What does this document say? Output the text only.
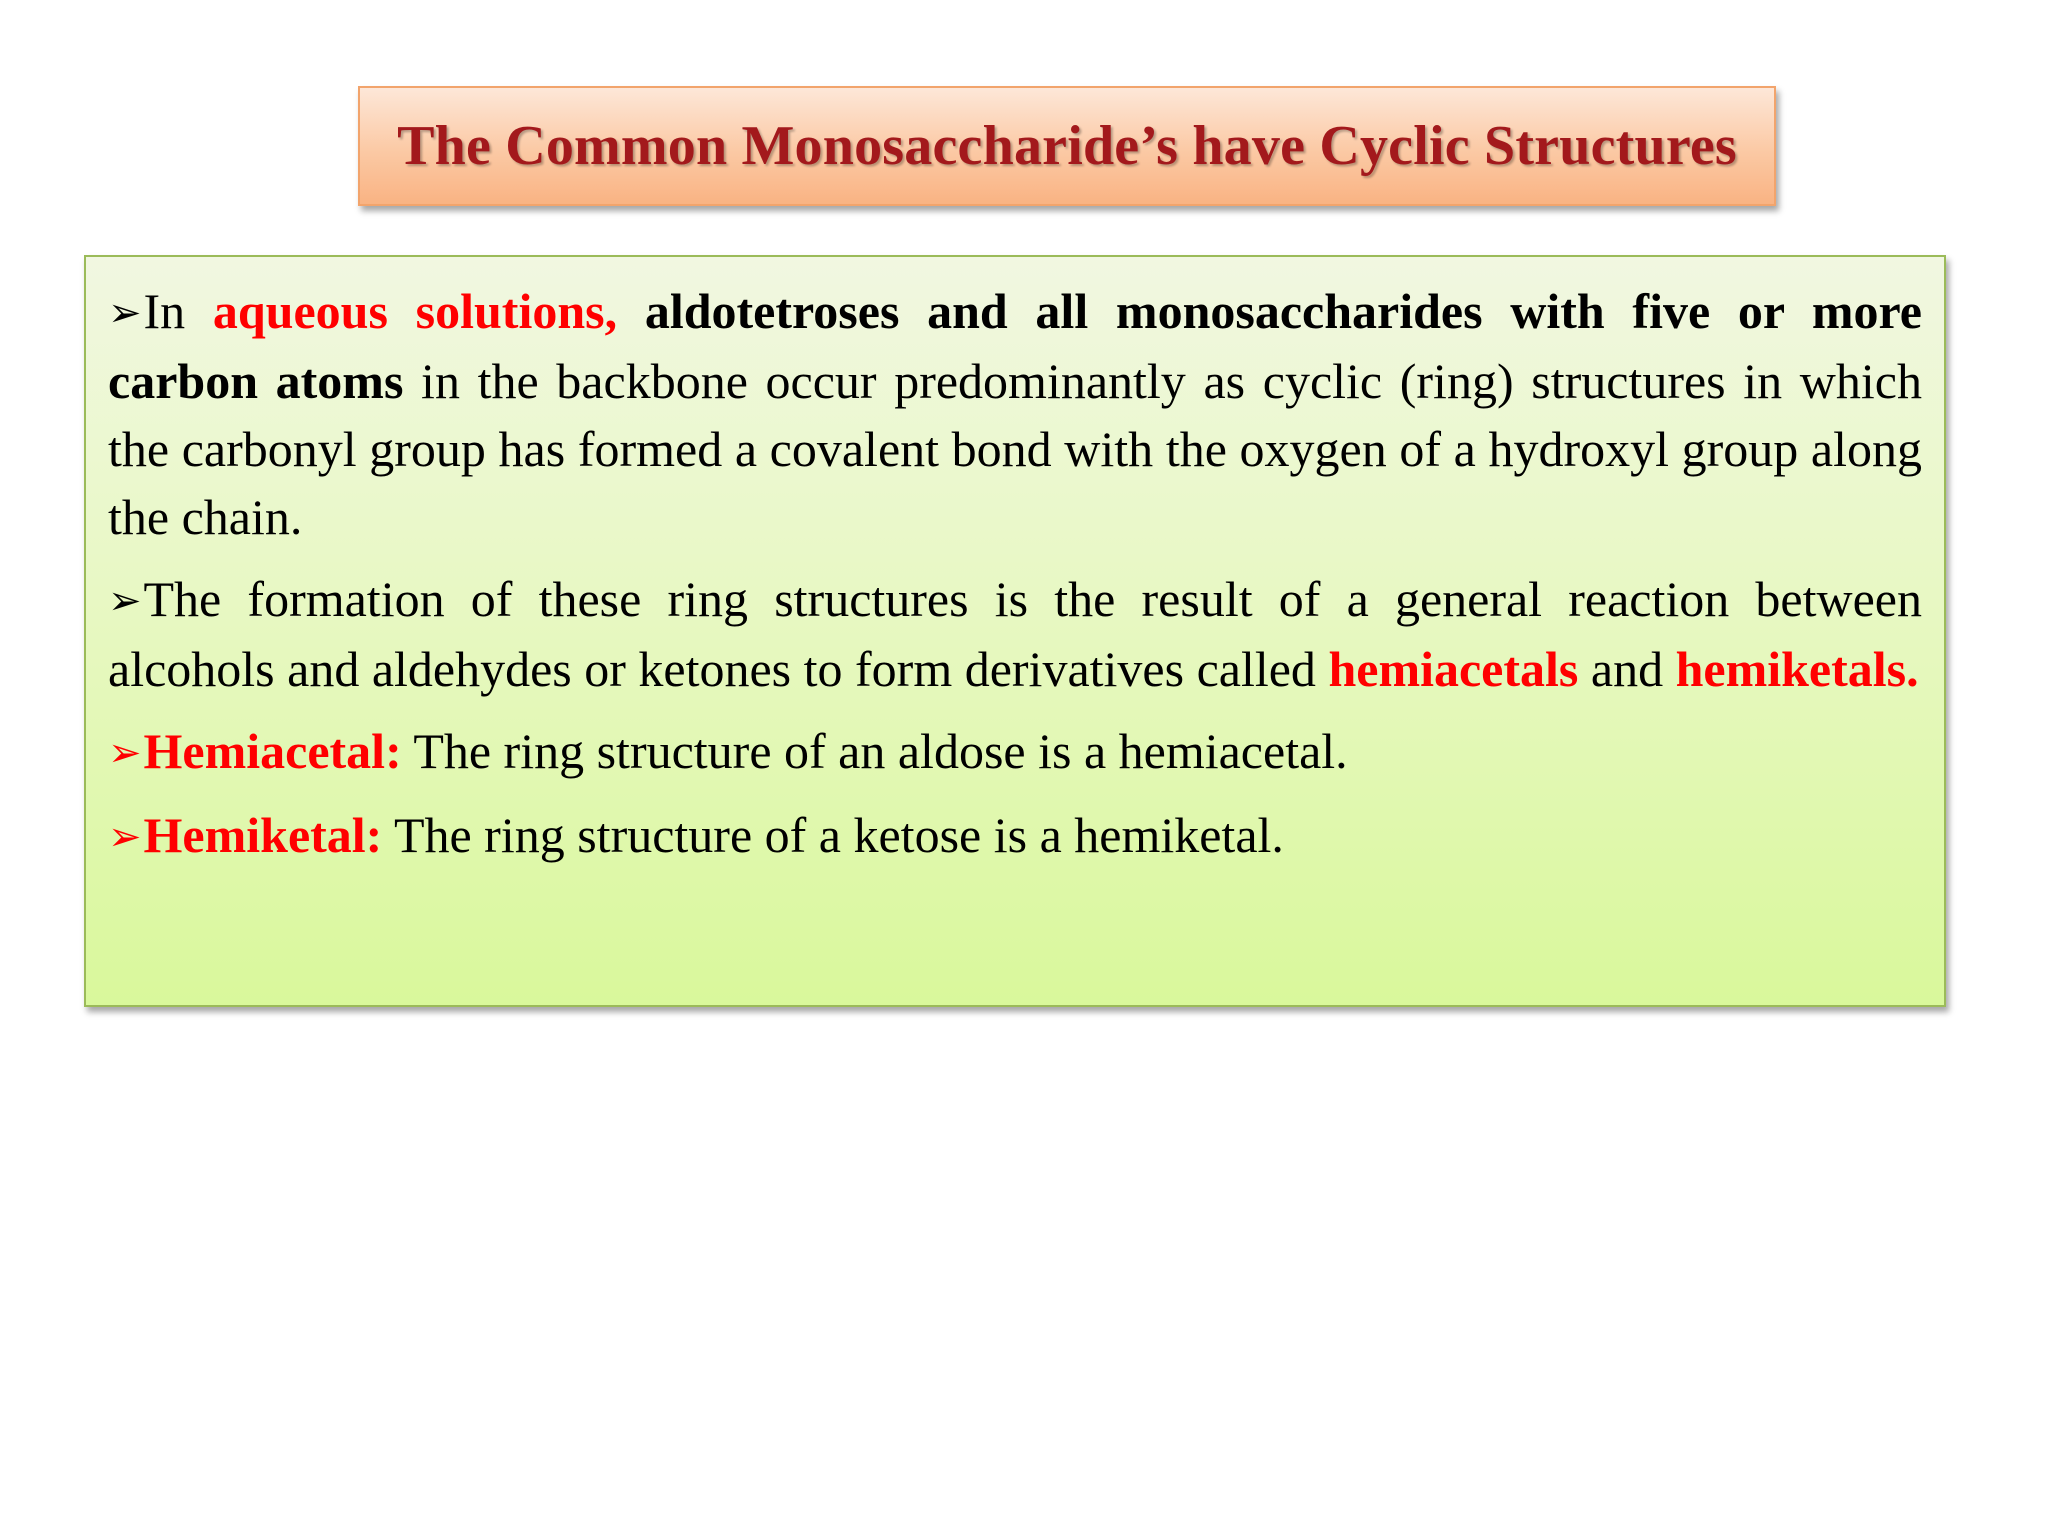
The Common Monosaccharide’s have Cyclic Structures

➢In aqueous solutions, aldotetroses and all monosaccharides with five or more carbon atoms in the backbone occur predominantly as cyclic (ring) structures in which the carbonyl group has formed a covalent bond with the oxygen of a hydroxyl group along the chain.

➢The formation of these ring structures is the result of a general reaction between alcohols and aldehydes or ketones to form derivatives called hemiacetals and hemiketals.

➢Hemiacetal: The ring structure of an aldose is a hemiacetal.

➢Hemiketal: The ring structure of a ketose is a hemiketal.
